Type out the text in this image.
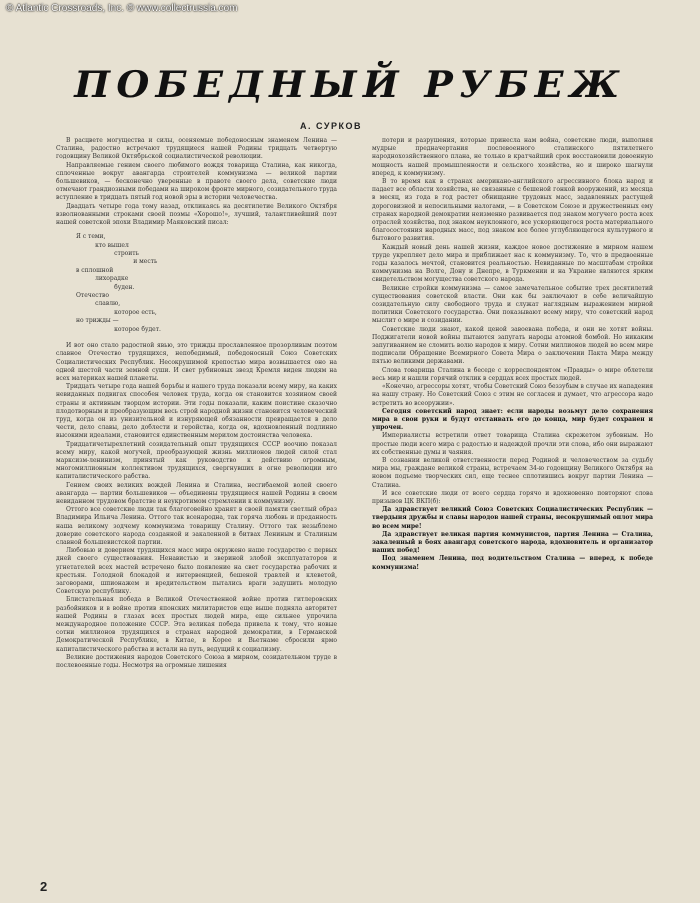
© Atlantic Crossroads, Inc. © www.collectrussia.com
ПОБЕДНЫЙ РУБЕЖ
А. СУРКОВ

В расцвете могущества и силы, осеняемые победоносным знаменем Ленина — Сталина, радостно встречают трудящиеся нашей Родины тридцать четвертую годовщину Великой Октябрьской социалистической революции.

Направляемые гением своего любимого вождя товарища Сталина, как никогда, сплоченные вокруг авангарда строителей коммунизма — великой партии большевиков, — бесконечно уверенные в правоте своего дела, советские люди отмечают грандиозными победами на широком фронте мирного, созидательного труда вступление в тридцать пятый год новой эры в истории человечества.

Двадцать четыре года тому назад, откликаясь на десятилетие Великого Октября взволнованными строками своей поэмы «Хорошо!», лучший, талантливейший поэт нашей советской эпохи Владимир Маяковский писал:

Я с теми,
кто вышел
строить
и месть
в сплошной
лихорадке
буден.
Отечество
славлю,
которое есть,
но трижды —
которое будет.

И вот оно стало радостной явью, это трижды прославленное прозорливым поэтом славное Отечество трудящихся, непобедимый, победоносный Союз Советских Социалистических Республик. Несокрушимой крепостью мира возвышается оно на одной шестой части земной суши. И свет рубиновых звезд Кремля виден людям на всех материках нашей планеты.

Тридцать четыре года нашей борьбы и нашего труда показали всему миру, на каких невиданных подвигах способен человек труда, когда он становится хозяином своей страны и активным творцом истории. Эти годы показали, каким поистине сказочно плодотворным и преобразующим весь строй народной жизни становится человеческий труд, когда он из унизительной и изнуряющей обязанности превращается в дело чести, дело славы, дело доблести и геройства, когда он, вдохновленный подлинно высокими идеалами, становится единственным мерилом достоинства человека.

Тридцатичетырехлетний созидательный опыт трудящихся СССР воочию показал всему миру, какой могучей, преобразующей жизнь миллионов людей силой стал марксизм-ленинизм, принятый как руководство к действию огромным, многомиллионным коллективом трудящихся, свергнувших в огне революции иго капиталистического рабства.

Гением своих великих вождей Ленина и Сталина, несгибаемой волей своего авангарда — партии большевиков — объединены трудящиеся нашей Родины в своем невиданном трудовом братстве и неукротимом стремлении к коммунизму.

Оттого все советские люди так благоговейно хранят в своей памяти светлый образ Владимира Ильича Ленина. Оттого так всенародна, так горяча любовь и преданность наша великому зодчему коммунизма товарищу Сталину. Оттого так незыблемо доверие советского народа созданной и закаленной в битвах Лениным и Сталиным славной большевистской партии.

Любовью и доверием трудящихся масс мира окружено наше государство с первых дней своего существования. Ненавистью и звериной злобой эксплуататоров и угнетателей всех мастей встречено было появление на свет государства рабочих и крестьян. Голодной блокадой и интервенцией, бешеной травлей и клеветой, заговорами, шпионажем и вредительством пытались враги задушить молодую Советскую республику.

Блистательная победа в Великой Отечественной войне против гитлеровских разбойников и в войне против японских милитаристов еще выше подняла авторитет нашей Родины в глазах всех простых людей мира, еще сильнее упрочила международное положение СССР. Эта великая победа привела к тому, что новые сотни миллионов трудящихся в странах народной демократии, в Германской Демократической Республике, в Китае, в Корее и Вьетнаме сбросили ярмо капиталистического рабства и встали на путь, ведущий к социализму.

Великие достижения народов Советского Союза в мирном, созидательном труде в послевоенные годы. Несмотря на огромные лишения

потери и разрушения, которые принесла нам война, советские люди, выполняя мудрые предначертания послевоенного сталинского пятилетнего народнохозяйственного плана, не только в кратчайший срок восстановили довоенную мощность нашей промышленности и сельского хозяйства, но и широко шагнули вперед, к коммунизму.

В то время как в странах американо-английского агрессивного блока народ и падает все области хозяйства, не связанные с бешеной гонкой вооружений, из месяца в месяц, из года в год растет обнищание трудовых масс, задавленных растущей дороговизной и непосильными налогами, — в Советском Союзе и дружественных ему странах народной демократии неизменно развивается под знаком могучего роста всех отраслей хозяйства, под знаком неуклонного, все ускоряющегося роста материального благосостояния народных масс, под знаком все более углубляющегося культурного и бытового развития.

Каждый новый день нашей жизни, каждое новое достижение в мирном нашем труде укрепляет дело мира и приближает нас к коммунизму. То, что в предвоенные годы казалось мечтой, становится реальностью. Невиданные по масштабам стройки коммунизма на Волге, Дону и Днепре, в Туркмении и на Украине являются ярким свидетельством могущества советского народа.

Великие стройки коммунизма — самое замечательное событие трех десятилетий существования советской власти. Они как бы заключают в себе величайшую созидательную силу свободного труда и служат наглядным выражением мирной политики Советского государства. Они показывают всему миру, что советский народ мыслит о мире и созидании.

Советские люди знают, какой ценой завоевана победа, и они не хотят войны. Поджигатели новой войны пытаются запугать народы атомной бомбой. Но никаким запугиванием не сломить волю народов к миру. Сотни миллионов людей во всем мире подписали Обращение Всемирного Совета Мира о заключении Пакта Мира между пятью великими державами.

Слова товарища Сталина в беседе с корреспондентом «Правды» о мире облетели весь мир и нашли горячий отклик в сердцах всех простых людей.

«Конечно, агрессоры хотят, чтобы Советский Союз беззубым в случае их нападения на нашу страну. Но Советский Союз с этим не согласен и думает, что агрессора надо встретить во всеоружии».

Сегодня советский народ знает: если народы возьмут дело сохранения мира в свои руки и будут отстаивать его до конца, мир будет сохранен и упрочен.

Империалисты встретили ответ товарища Сталина скрежетом зубовным. Но простые люди всего мира с радостью и надеждой прочли эти слова, ибо они выражают их собственные думы и чаяния.

В сознании великой ответственности перед Родиной и человечеством за судьбу мира мы, граждане великой страны, встречаем 34-ю годовщину Великого Октября на новом подъеме творческих сил, еще теснее сплотившись вокруг партии Ленина — Сталина.

И все советские люди от всего сердца горячо и вдохновенно повторяют слова призывов ЦК ВКП(б):

Да здравствует великий Союз Советских Социалистических Республик — твердыня дружбы и славы народов нашей страны, несокрушимый оплот мира во всем мире!

Да здравствует великая партия коммунистов, партия Ленина — Сталина, закаленный в боях авангард советского народа, вдохновитель и организатор наших побед!

Под знаменем Ленина, под водительством Сталина — вперед, к победе коммунизма!

2
